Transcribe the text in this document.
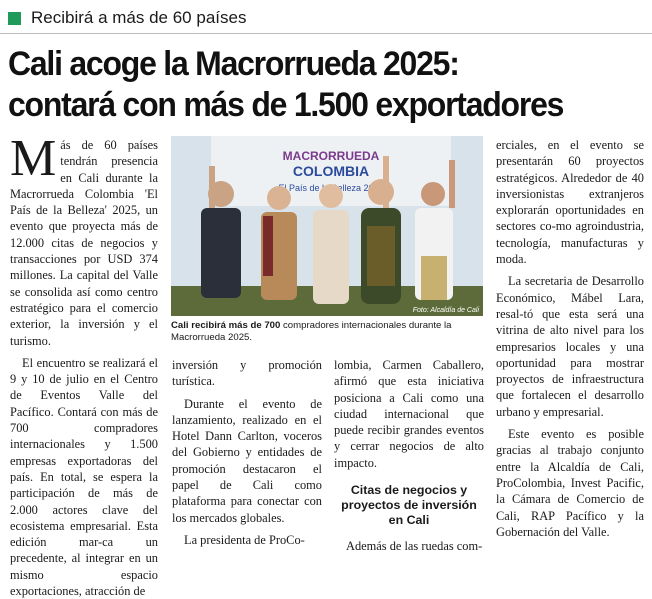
Recibirá a más de 60 países
Cali acoge la Macrorrueda 2025:
contará con más de 1.500 exportadores

Más de 60 países tendrán presencia en Cali durante la Macrorrueda Colombia 'El País de la Belleza' 2025, un evento que proyecta más de 12.000 citas de negocios y transacciones por USD 374 millones. La capital del Valle se consolida así como centro estratégico para el comercio exterior, la inversión y el turismo.

El encuentro se realizará el 9 y 10 de julio en el Centro de Eventos Valle del Pacífico. Contará con más de 700 compradores internacionales y 1.500 empresas exportadoras del país. En total, se espera la participación de más de 2.000 actores clave del ecosistema empresarial. Esta edición mar-ca un precedente, al integrar en un mismo espacio exportaciones, atracción de

MACRORRUEDA
COLOMBIA
País de Belleza
Foto: Alcaldía de Cali
Cali recibirá más de 700 compradores internacionales durante la Macrorrueda 2025.

inversión y promoción turística.

Durante el evento de lanzamiento, realizado en el Hotel Dann Carlton, voceros del Gobierno y entidades de promoción destacaron el papel de Cali como plataforma para conectar con los mercados globales.

La presidenta de ProCo-

lombia, Carmen Caballero, afirmó que esta iniciativa posiciona a Cali como una ciudad internacional que puede recibir grandes eventos y cerrar negocios de alto impacto.

Citas de negocios y proyectos de inversión en Cali

Además de las ruedas com-

erciales, en el evento se presentarán 60 proyectos estratégicos. Alrededor de 40 inversionistas extranjeros explorarán oportunidades en sectores co-mo agroindustria, tecnología, manufacturas y moda.

La secretaria de Desarrollo Económico, Mábel Lara, resal-tó que esta será una vitrina de alto nivel para los empresarios locales y una oportunidad para mostrar proyectos de infraestructura que fortalecen el desarrollo urbano y empresarial.

Este evento es posible gracias al trabajo conjunto entre la Alcaldía de Cali, ProColombia, Invest Pacific, la Cámara de Comercio de Cali, RAP Pacífico y la Gobernación del Valle.
